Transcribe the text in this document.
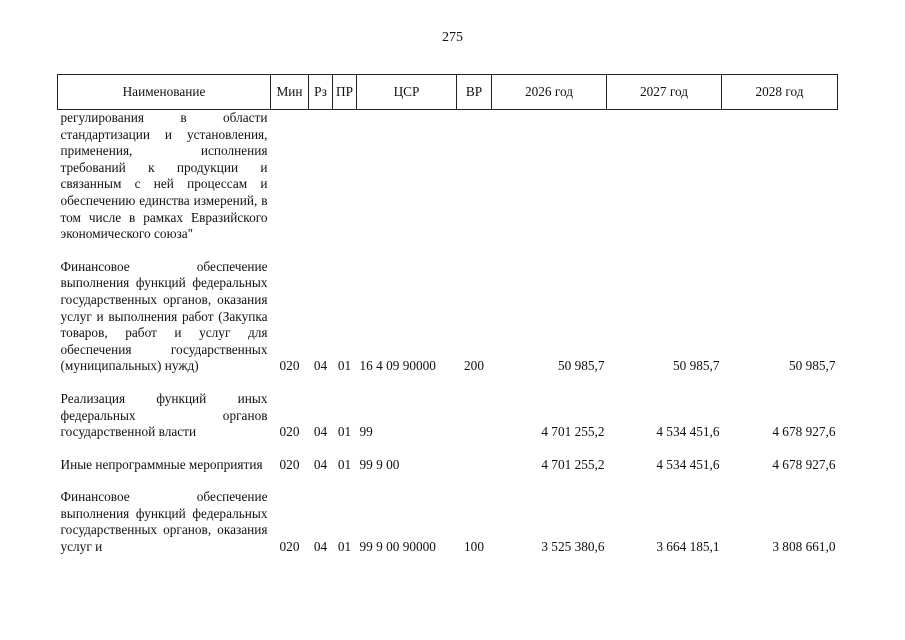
275
Наименование	Мин	Рз	ПР	ЦСР	ВР	2026 год	2027 год	2028 год

регулирования в области стандартизации и установления, применения, исполнения требований к продукции и связанным с ней процессам и обеспечению единства измерений, в том числе в рамках Евразийского экономического союза"								

Финансовое обеспечение выполнения функций федеральных государственных органов, оказания услуг и выполнения работ (Закупка товаров, работ и услуг для обеспечения государственных (муниципальных) нужд)	020	04	01	16 4 09 90000	200	50 985,7	50 985,7	50 985,7

Реализация функций иных федеральных органов государственной власти	020	04	01	99		4 701 255,2	4 534 451,6	4 678 927,6

Иные непрограммные мероприятия	020	04	01	99 9 00		4 701 255,2	4 534 451,6	4 678 927,6

Финансовое обеспечение выполнения функций федеральных государственных органов, оказания услуг и	020	04	01	99 9 00 90000	100	3 525 380,6	3 664 185,1	3 808 661,0
